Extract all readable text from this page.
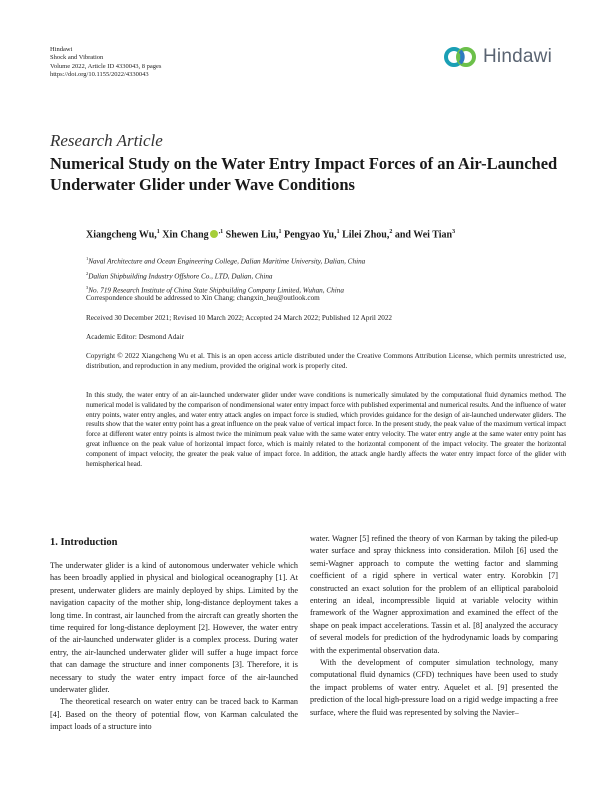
Hindawi
Shock and Vibration
Volume 2022, Article ID 4330043, 8 pages
https://doi.org/10.1155/2022/4330043
Hindawi
Research Article
Numerical Study on the Water Entry Impact Forces of an Air-Launched Underwater Glider under Wave Conditions
Xiangcheng Wu,$^1$ Xin Chang $^{,1}$ Shewen Liu,$^1$ Pengyao Yu,$^1$ Lilei Zhou,$^2$ and Wei Tian$^3$
$^1$Naval Architecture and Ocean Engineering College, Dalian Maritime University, Dalian, China
$^2$Dalian Shipbuilding Industry Offshore Co., LTD, Dalian, China
$^3$No. 719 Research Institute of China State Shipbuilding Company Limited, Wuhan, China
Correspondence should be addressed to Xin Chang; changxin_heu@outlook.com
Received 30 December 2021; Revised 10 March 2022; Accepted 24 March 2022; Published 12 April 2022
Academic Editor: Desmond Adair
Copyright © 2022 Xiangcheng Wu et al. This is an open access article distributed under the Creative Commons Attribution License, which permits unrestricted use, distribution, and reproduction in any medium, provided the original work is properly cited.
In this study, the water entry of an air-launched underwater glider under wave conditions is numerically simulated by the computational fluid dynamics method. The numerical model is validated by the comparison of nondimensional water entry impact force with published experimental and numerical results. And the influence of water entry points, water entry angles, and water entry attack angles on impact force is studied, which provides guidance for the design of air-launched underwater gliders. The results show that the water entry point has a great influence on the peak value of vertical impact force. In the present study, the peak value of the maximum vertical impact force at different water entry points is almost twice the minimum peak value with the same water entry velocity. The water entry angle at the same water entry point has great influence on the peak value of horizontal impact force, which is mainly related to the horizontal component of the impact velocity. The greater the horizontal component of impact velocity, the greater the peak value of impact force. In addition, the attack angle hardly affects the water entry impact force of the glider with hemispherical head.
1. Introduction

The underwater glider is a kind of autonomous underwater vehicle which has been broadly applied in physical and biological oceanography [1]. At present, underwater gliders are mainly deployed by ships. Limited by the navigation capacity of the mother ship, long-distance deployment takes a long time. In contrast, air launched from the aircraft can greatly shorten the time required for long-distance deployment [2]. However, the water entry of the air-launched underwater glider is a complex process. During water entry, the air-launched underwater glider will suffer a huge impact force that can damage the structure and inner components [3]. Therefore, it is necessary to study the water entry impact force of the air-launched underwater glider.

The theoretical research on water entry can be traced back to Karman [4]. Based on the theory of potential flow, von Karman calculated the impact loads of a structure into

water. Wagner [5] refined the theory of von Karman by taking the piled-up water surface and spray thickness into consideration. Miloh [6] used the semi-Wagner approach to compute the wetting factor and slamming coefficient of a rigid sphere in vertical water entry. Korobkin [7] constructed an exact solution for the problem of an elliptical paraboloid entering an ideal, incompressible liquid at variable velocity within framework of the Wagner approximation and examined the effect of the shape on peak impact accelerations. Tassin et al. [8] analyzed the accuracy of several models for prediction of the hydrodynamic loads by comparing with the experimental observation data.

With the development of computer simulation technology, many computational fluid dynamics (CFD) techniques have been used to study the impact problems of water entry. Aquelet et al. [9] presented the prediction of the local high-pressure load on a rigid wedge impacting a free surface, where the fluid was represented by solving the Navier–
